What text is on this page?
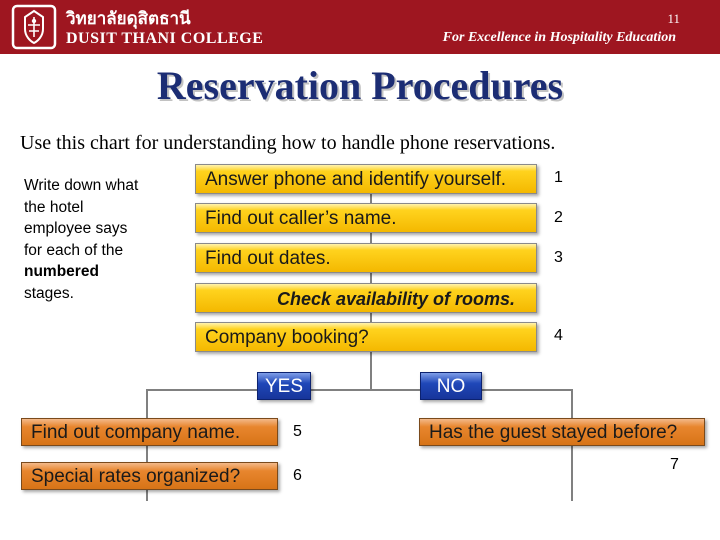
วิทยาลัยดุสิตธานี
DUSIT THANI COLLEGE
11
For Excellence in Hospitality Education
Reservation Procedures
Use this chart for understanding how to handle phone reservations.
Write down what the hotel employee says for each of the numbered stages.
Answer phone and identify yourself.	1
Find out caller’s name.	2
Find out dates.	3
Check availability of rooms.
Company booking?	4
YES	NO
Find out company name.	5
Special rates organized?	6
Has the guest stayed before?
7
